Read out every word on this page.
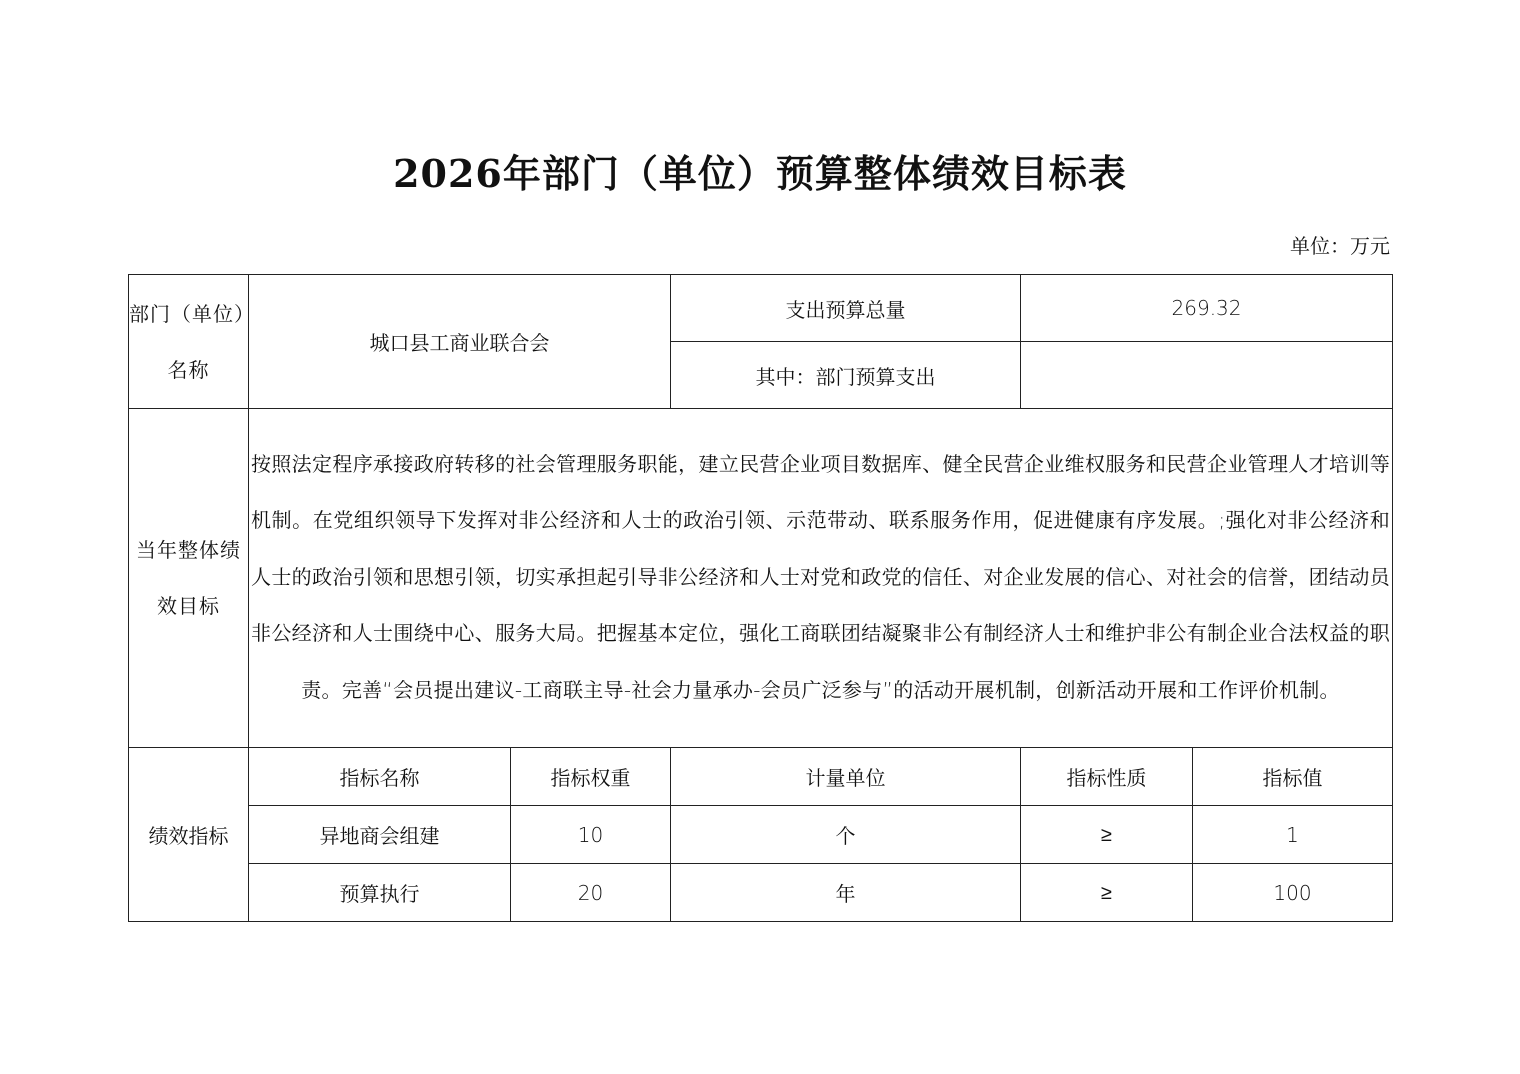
2026年部门（单位）预算整体绩效目标表
单位：万元
部门（单位）
名称	城口县工商业联合会		支出预算总量	269.32	
			其中：部门预算支出		

当年整体绩
效目标	按照法定程序承接政府转移的社会管理服务职能，建立民营企业项目数据库、健全民营企业维权服务和民营企业管理人才培训等机制。在党组织领导下发挥对非公经济和人士的政治引领、示范带动、联系服务作用，促进健康有序发展。;强化对非公经济和人士的政治引领和思想引领，切实承担起引导非公经济和人士对党和政党的信任、对企业发展的信心、对社会的信誉，团结动员非公经济和人士围绕中心、服务大局。把握基本定位，强化工商联团结凝聚非公有制经济人士和维护非公有制企业合法权益的职责。完善“会员提出建议-工商联主导-社会力量承办-会员广泛参与”的活动开展机制，创新活动开展和工作评价机制。				

绩效指标	指标名称	指标权重	计量单位	指标性质	指标值
	异地商会组建	10	个	≥	1
	预算执行	20	年	≥	100
